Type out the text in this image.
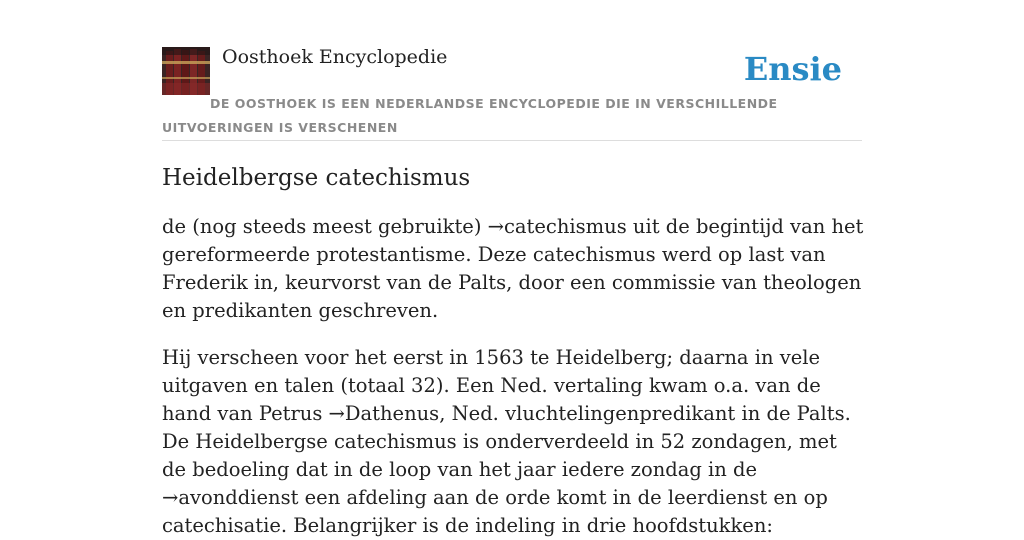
Oosthoek Encyclopedie	Ensie
DE OOSTHOEK IS EEN NEDERLANDSE ENCYCLOPEDIE DIE IN VERSCHILLENDE UITVOERINGEN IS VERSCHENEN
Heidelbergse catechismus

de (nog steeds meest gebruikte) →catechismus uit de begintijd van het gereformeerde protestantisme. Deze catechismus werd op last van Frederik in, keurvorst van de Palts, door een commissie van theologen en predikanten geschreven.

Hij verscheen voor het eerst in 1563 te Heidelberg; daarna in vele uitgaven en talen (totaal 32). Een Ned. vertaling kwam o.a. van de hand van Petrus →Dathenus, Ned. vluchtelingenpredikant in de Palts. De Heidelbergse catechismus is onderverdeeld in 52 zondagen, met de bedoeling dat in de loop van het jaar iedere zondag in de →avonddienst een afdeling aan de orde komt in de leerdienst en op catechisatie. Belangrijker is de indeling in drie hoofdstukken:
